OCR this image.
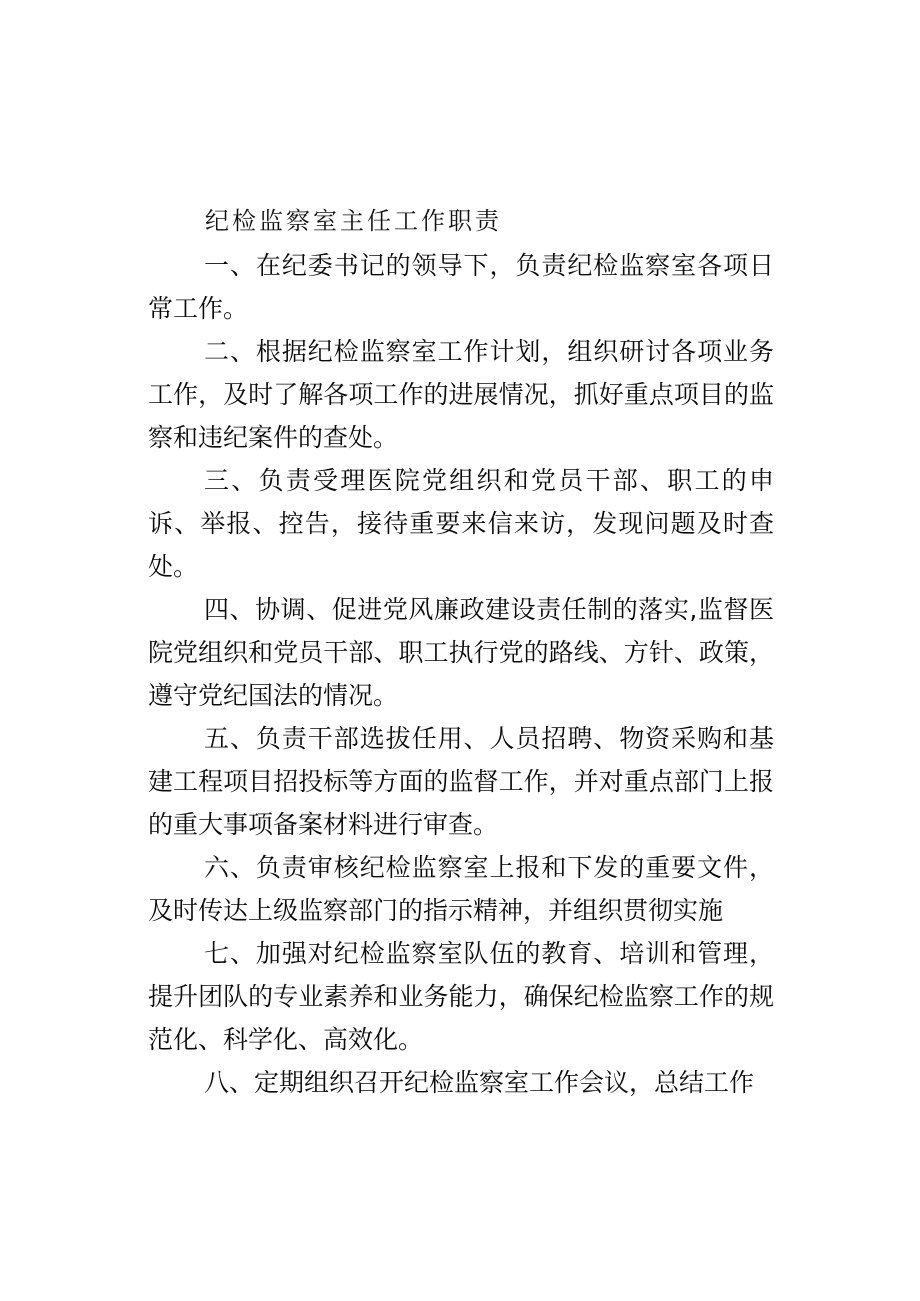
纪检监察室主任工作职责

一、在纪委书记的领导下，负责纪检监察室各项日常工作。

二、根据纪检监察室工作计划，组织研讨各项业务工作，及时了解各项工作的进展情况，抓好重点项目的监察和违纪案件的查处。

三、负责受理医院党组织和党员干部、职工的申诉、举报、控告，接待重要来信来访，发现问题及时查处。

四、协调、促进党风廉政建设责任制的落实,监督医院党组织和党员干部、职工执行党的路线、方针、政策，遵守党纪国法的情况。

五、负责干部选拔任用、人员招聘、物资采购和基建工程项目招投标等方面的监督工作，并对重点部门上报的重大事项备案材料进行审查。

六、负责审核纪检监察室上报和下发的重要文件，及时传达上级监察部门的指示精神，并组织贯彻实施

七、加强对纪检监察室队伍的教育、培训和管理，提升团队的专业素养和业务能力，确保纪检监察工作的规范化、科学化、高效化。

八、定期组织召开纪检监察室工作会议，总结工作
